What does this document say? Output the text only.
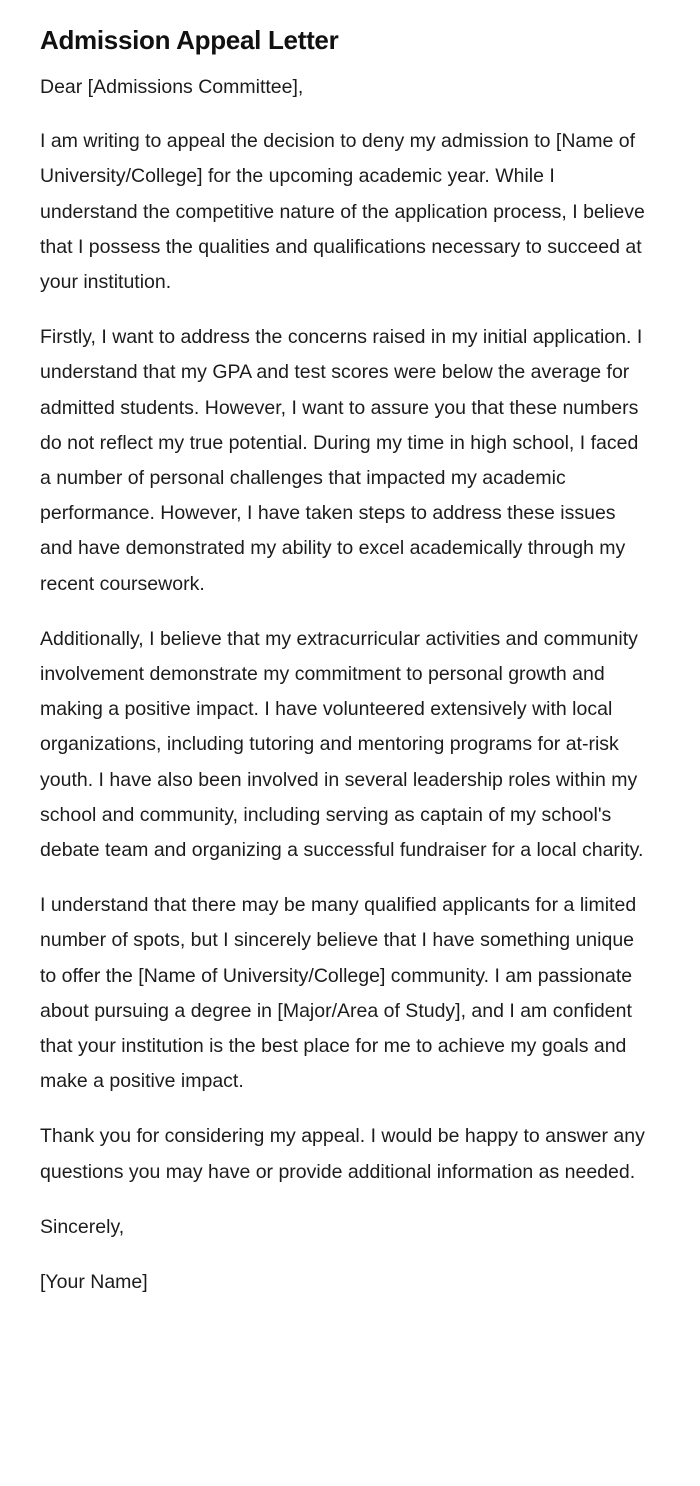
Admission Appeal Letter

Dear [Admissions Committee],

I am writing to appeal the decision to deny my admission to [Name of University/College] for the upcoming academic year. While I understand the competitive nature of the application process, I believe that I possess the qualities and qualifications necessary to succeed at your institution.

Firstly, I want to address the concerns raised in my initial application. I understand that my GPA and test scores were below the average for admitted students. However, I want to assure you that these numbers do not reflect my true potential. During my time in high school, I faced a number of personal challenges that impacted my academic performance. However, I have taken steps to address these issues and have demonstrated my ability to excel academically through my recent coursework.

Additionally, I believe that my extracurricular activities and community involvement demonstrate my commitment to personal growth and making a positive impact. I have volunteered extensively with local organizations, including tutoring and mentoring programs for at-risk youth. I have also been involved in several leadership roles within my school and community, including serving as captain of my school's debate team and organizing a successful fundraiser for a local charity.

I understand that there may be many qualified applicants for a limited number of spots, but I sincerely believe that I have something unique to offer the [Name of University/College] community. I am passionate about pursuing a degree in [Major/Area of Study], and I am confident that your institution is the best place for me to achieve my goals and make a positive impact.

Thank you for considering my appeal. I would be happy to answer any questions you may have or provide additional information as needed.

Sincerely,

[Your Name]
